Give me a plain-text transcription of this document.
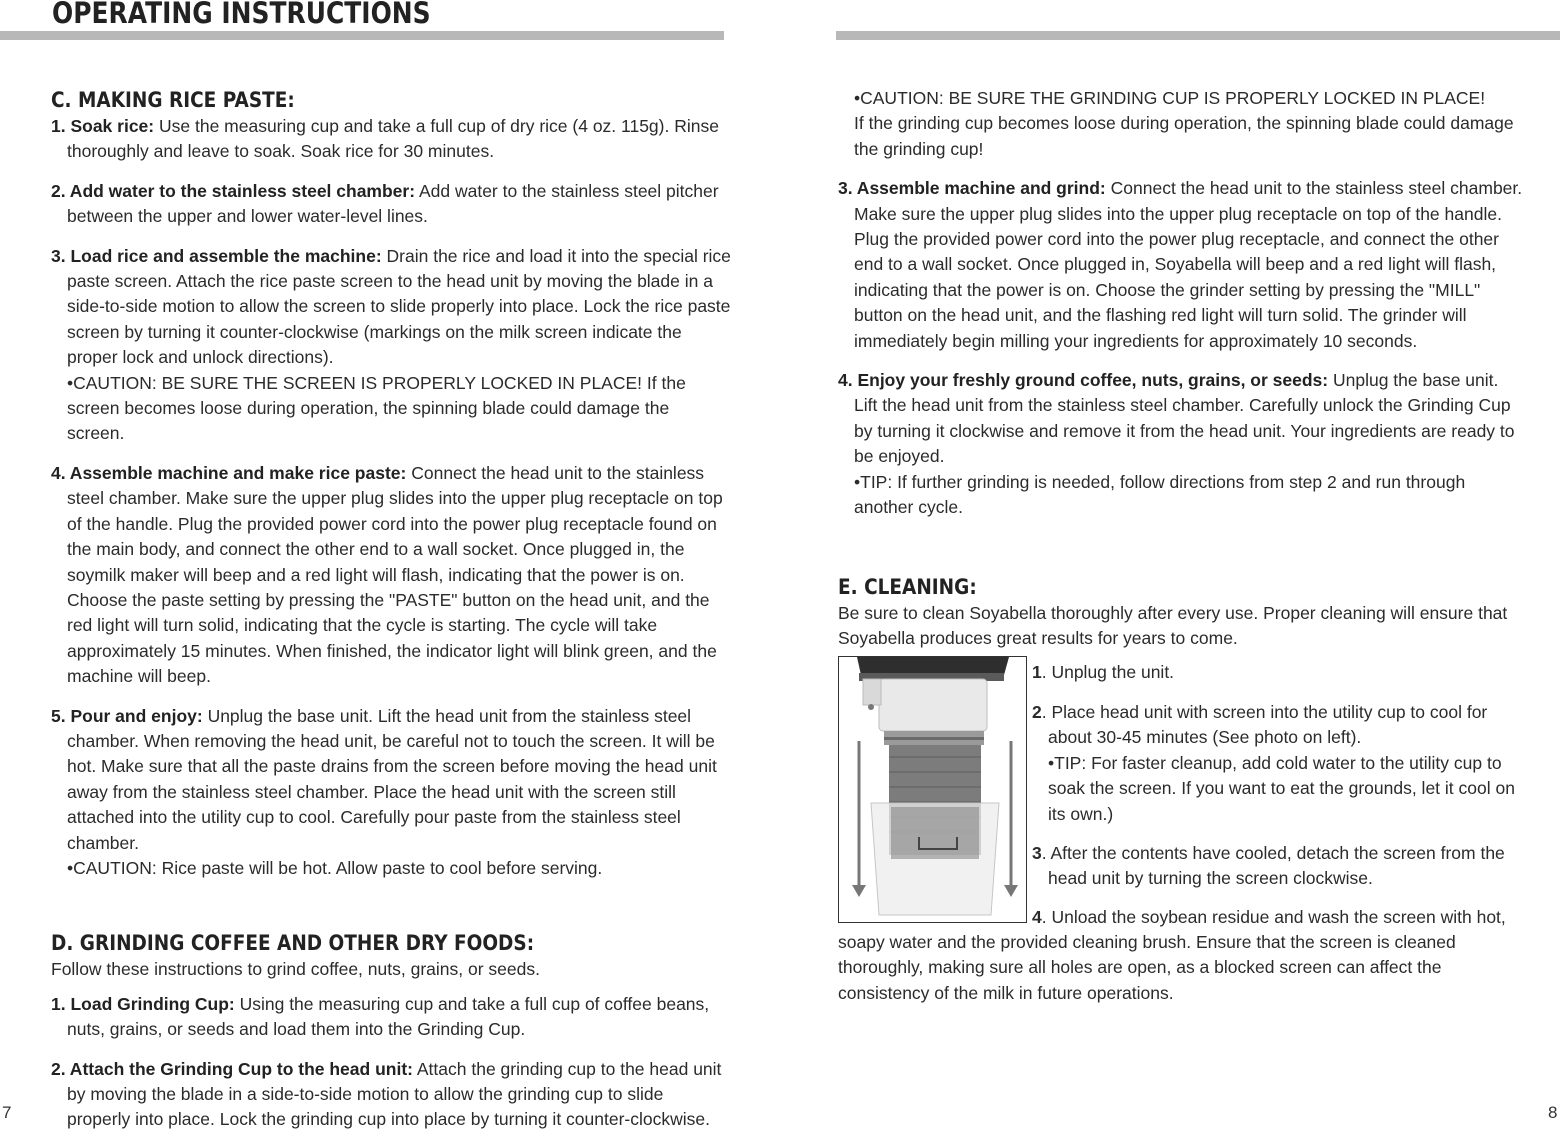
OPERATING INSTRUCTIONS
C. MAKING RICE PASTE:

1. Soak rice: Use the measuring cup and take a full cup of dry rice (4 oz. 115g). Rinse thoroughly and leave to soak. Soak rice for 30 minutes.

2. Add water to the stainless steel chamber: Add water to the stainless steel pitcher between the upper and lower water-level lines.

3. Load rice and assemble the machine: Drain the rice and load it into the special rice paste screen. Attach the rice paste screen to the head unit by moving the blade in a side-to-side motion to allow the screen to slide properly into place. Lock the rice paste screen by turning it counter-clockwise (markings on the milk screen indicate the proper lock and unlock directions).
•CAUTION: BE SURE THE SCREEN IS PROPERLY LOCKED IN PLACE! If the screen becomes loose during operation, the spinning blade could damage the screen.

4. Assemble machine and make rice paste: Connect the head unit to the stainless steel chamber. Make sure the upper plug slides into the upper plug receptacle on top of the handle. Plug the provided power cord into the power plug receptacle found on the main body, and connect the other end to a wall socket. Once plugged in, the soymilk maker will beep and a red light will flash, indicating that the power is on. Choose the paste setting by pressing the "PASTE" button on the head unit, and the red light will turn solid, indicating that the cycle is starting. The cycle will take approximately 15 minutes. When finished, the indicator light will blink green, and the machine will beep.

5. Pour and enjoy: Unplug the base unit. Lift the head unit from the stainless steel chamber. When removing the head unit, be careful not to touch the screen. It will be hot. Make sure that all the paste drains from the screen before moving the head unit away from the stainless steel chamber. Place the head unit with the screen still attached into the utility cup to cool. Carefully pour paste from the stainless steel chamber.
•CAUTION: Rice paste will be hot. Allow paste to cool before serving.

D. GRINDING COFFEE AND OTHER DRY FOODS:

Follow these instructions to grind coffee, nuts, grains, or seeds.

1. Load Grinding Cup: Using the measuring cup and take a full cup of coffee beans, nuts, grains, or seeds and load them into the Grinding Cup.

2. Attach the Grinding Cup to the head unit: Attach the grinding cup to the head unit by moving the blade in a side-to-side motion to allow the grinding cup to slide properly into place. Lock the grinding cup into place by turning it counter-clockwise.

•CAUTION: BE SURE THE GRINDING CUP IS PROPERLY LOCKED IN PLACE!
If the grinding cup becomes loose during operation, the spinning blade could damage the grinding cup!

3. Assemble machine and grind: Connect the head unit to the stainless steel chamber. Make sure the upper plug slides into the upper plug receptacle on top of the handle. Plug the provided power cord into the power plug receptacle, and connect the other end to a wall socket. Once plugged in, Soyabella will beep and a red light will flash, indicating that the power is on. Choose the grinder setting by pressing the "MILL" button on the head unit, and the flashing red light will turn solid. The grinder will immediately begin milling your ingredients for approximately 10 seconds.

4. Enjoy your freshly ground coffee, nuts, grains, or seeds: Unplug the base unit. Lift the head unit from the stainless steel chamber. Carefully unlock the Grinding Cup by turning it clockwise and remove it from the head unit. Your ingredients are ready to be enjoyed.
•TIP: If further grinding is needed, follow directions from step 2 and run through another cycle.

E. CLEANING:

Be sure to clean Soyabella thoroughly after every use. Proper cleaning will ensure that Soyabella produces great results for years to come.

1. Unplug the unit.
2. Place head unit with screen into the utility cup to cool for about 30-45 minutes (See photo on left).
•TIP: For faster cleanup, add cold water to the utility cup to soak the screen. If you want to eat the grounds, let it cool on its own.)
3. After the contents have cooled, detach the screen from the head unit by turning the screen clockwise.
4. Unload the soybean residue and wash the screen with hot,
soapy water and the provided cleaning brush. Ensure that the screen is cleaned thoroughly, making sure all holes are open, as a blocked screen can affect the consistency of the milk in future operations.
7	8
